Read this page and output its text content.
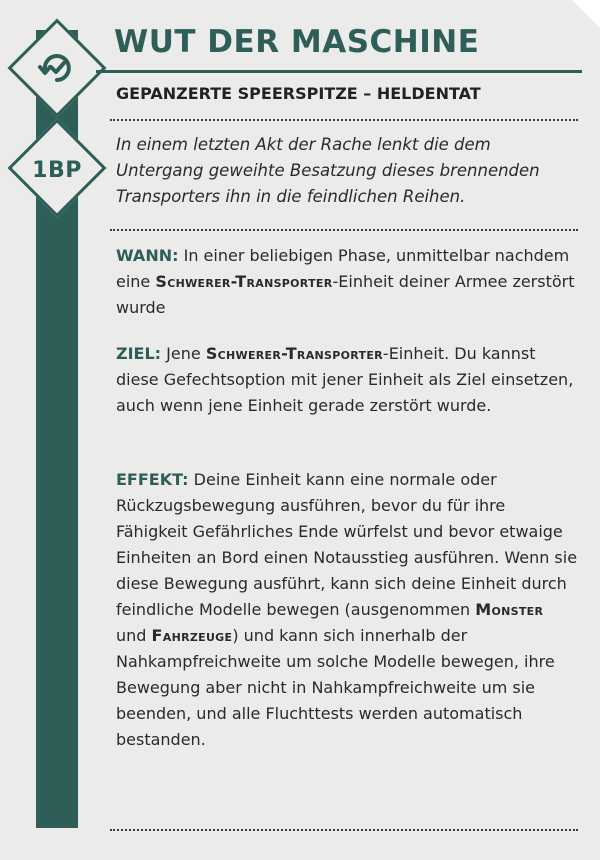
1BP
WUT DER MASCHINE
GEPANZERTE SPEERSPITZE – HELDENTAT
In einem letzten Akt der Rache lenkt die dem Untergang geweihte Besatzung dieses brennenden Transporters ihn in die feindlichen Reihen.
WANN: In einer beliebigen Phase, unmittelbar nachdem eine Schwerer-Transporter-Einheit deiner Armee zerstört wurde
ZIEL: Jene Schwerer-Transporter-Einheit. Du kannst diese Gefechtsoption mit jener Einheit als Ziel einsetzen, auch wenn jene Einheit gerade zerstört wurde.
EFFEKT: Deine Einheit kann eine normale oder Rückzugsbewegung ausführen, bevor du für ihre Fähigkeit Gefährliches Ende würfelst und bevor etwaige Einheiten an Bord einen Notausstieg ausführen. Wenn sie diese Bewegung ausführt, kann sich deine Einheit durch feindliche Modelle bewegen (ausgenommen Monster und Fahrzeuge) und kann sich innerhalb der Nahkampfreichweite um solche Modelle bewegen, ihre Bewegung aber nicht in Nahkampfreichweite um sie beenden, und alle Fluchttests werden automatisch bestanden.
